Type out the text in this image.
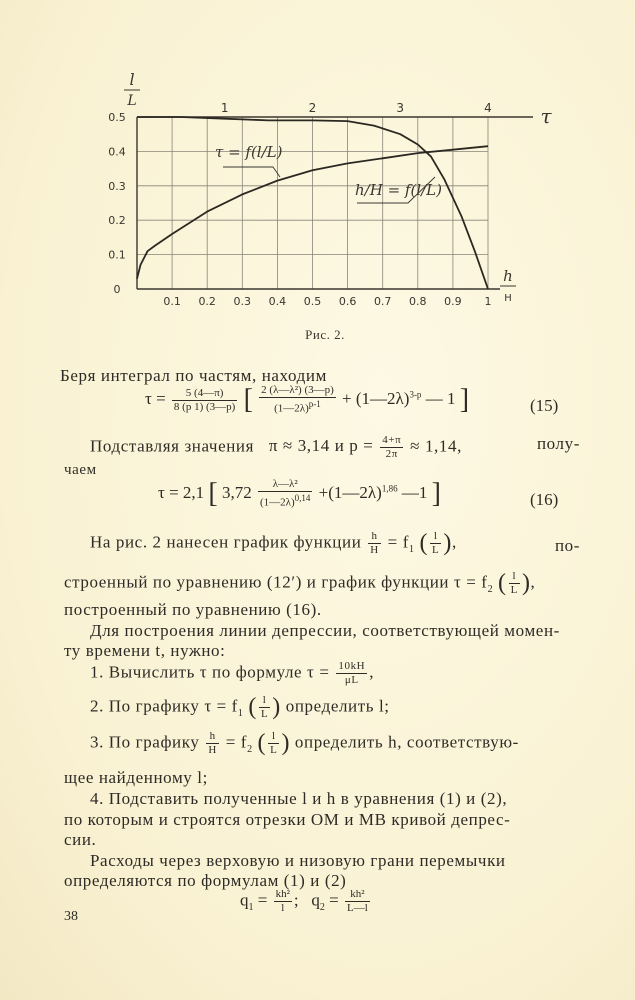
0
0.1
0.2
0.3
0.4
0.5
0.1 0.2 0.3 0.4 0.5 0.6 0.7 0.8 0.9 1
1	2	3	4
l
L
τ
h
H
τ = f(l/L)
h/H = f(l/L)
Рис. 2.
Беря интеграл по частям, находим
$\tau = \frac{5 (4—\pi)}{8 (p 1) (3—p)}$ [ $\frac{\text{2 (λ—λ²) (3—p)}}{(1—2\lambda)^{p-1}}$ + (1—2λ)$^{3-p}$ — 1 ]	(15)
Подставляя значения π ≈ 3,14 и $p = \frac{4+\pi}{2\pi} \approx 1,14$,	полу-
чаем
τ = 2,1 [ $3,72 \frac{\text{λ—λ²}}{(1—2\lambda)^{0,14}}$ +(1—2λ)$^{1,86}$ —1 ]	(16)
На рис. 2 нанесен график функции $\frac{h}{H} = f_1$ ( $\frac{l}{L}$ ),	по-
строенный по уравнению (12′) и график функции $\tau = f_2$ ( $\frac{l}{L}$ ),
построенный по уравнению (16).
Для построения линии депрессии, соответствующей момен-
ту времени t, нужно:
1. Вычислить τ по формуле $\tau = \frac{10kH}{\mu L}$ ,
2. По графику $\tau = f_1$ ( $\frac{l}{L}$ ) определить l;
3. По графику $\frac{h}{H} = f_2$ ( $\frac{l}{L}$ ) определить h, соответствую-
щее найденному l;
4. Подставить полученные l и h в уравнения (1) и (2),
по которым и строятся отрезки ОМ и МВ кривой депрес-
сии.
Расходы через верховую и низовую грани перемычки
определяются по формулам (1) и (2)
$q_1 = \frac{\text{kh²}}{l}$ ; $q_2 = \frac{\text{kh²}}{L—l}$
38
